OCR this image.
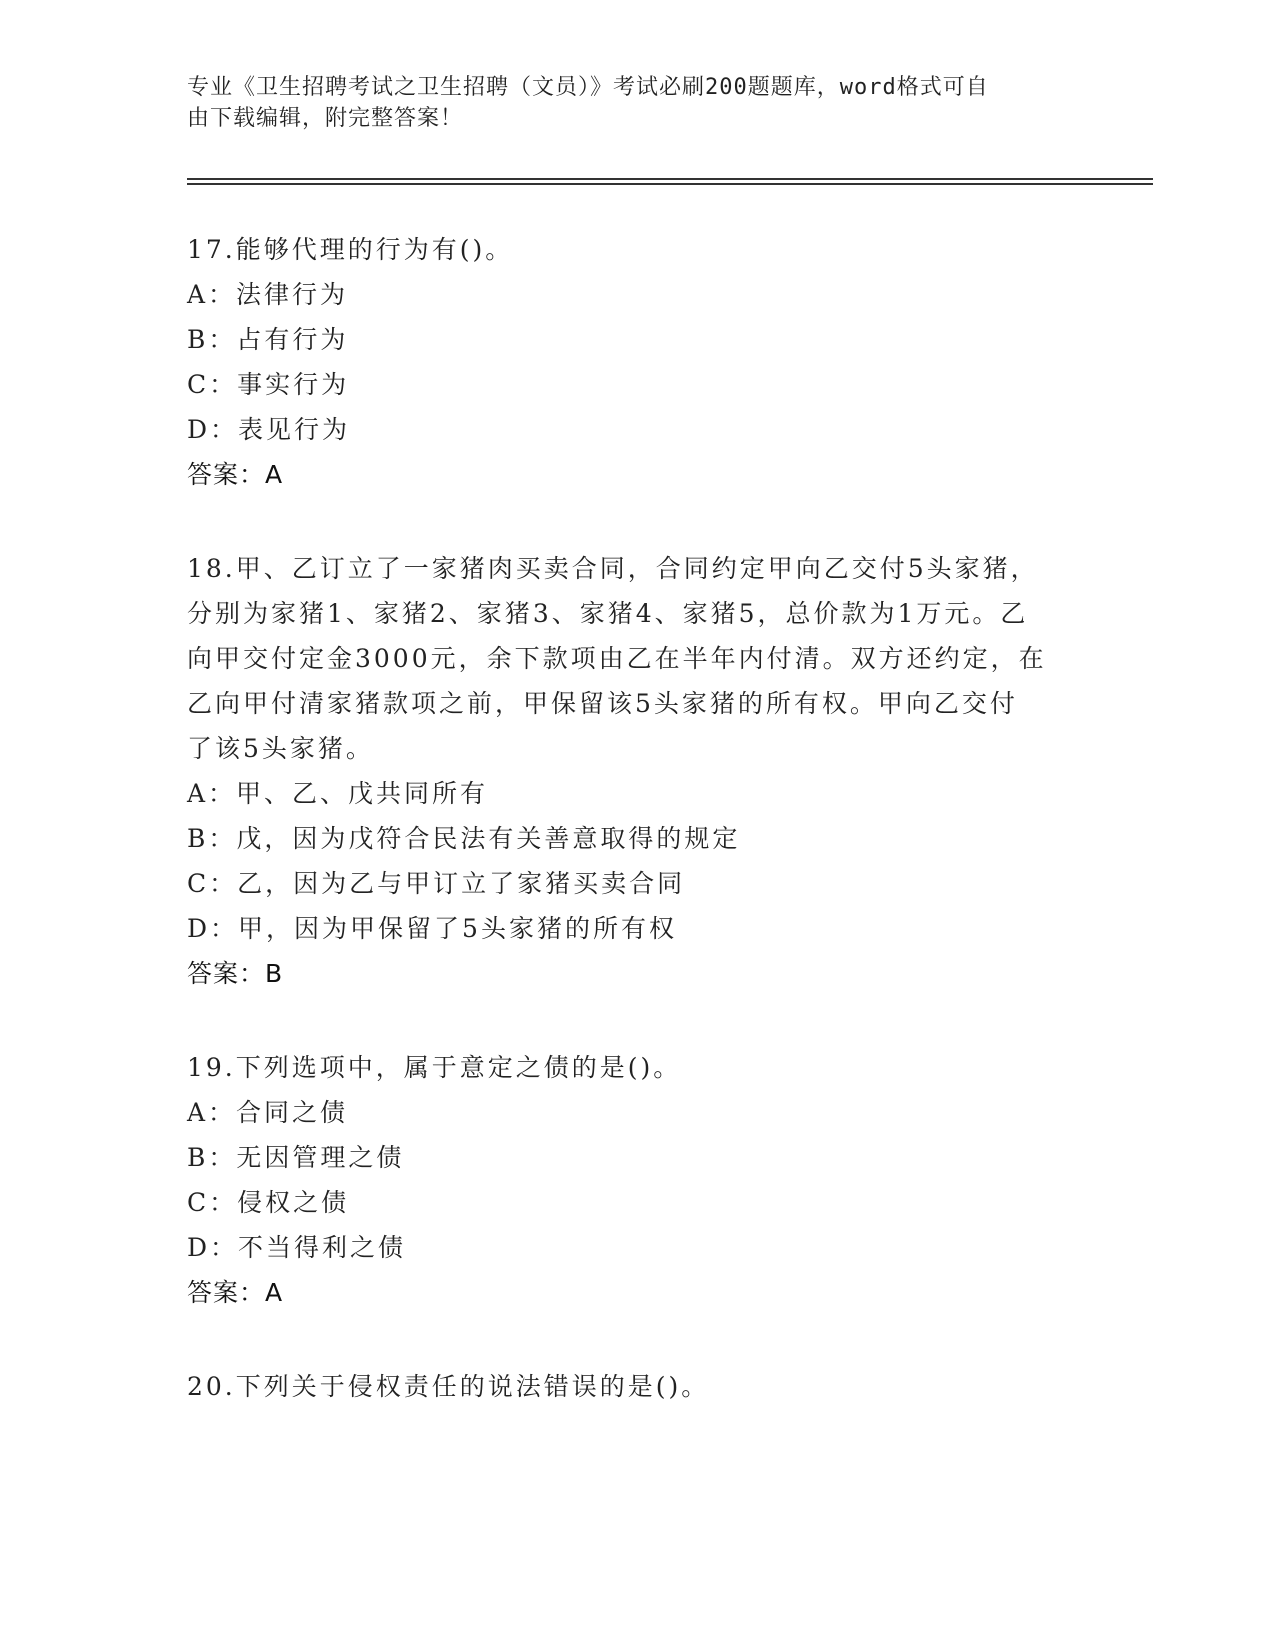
专业《卫生招聘考试之卫生招聘（文员）》考试必刷200题题库，word格式可自
由下载编辑，附完整答案！
17.能够代理的行为有()。
A：法律行为
B：占有行为
C：事实行为
D：表见行为
答案：A
18.甲、乙订立了一家猪肉买卖合同，合同约定甲向乙交付5头家猪，
分别为家猪1、家猪2、家猪3、家猪4、家猪5，总价款为1万元。乙
向甲交付定金3000元，余下款项由乙在半年内付清。双方还约定，在
乙向甲付清家猪款项之前，甲保留该5头家猪的所有权。甲向乙交付
了该5头家猪。
A：甲、乙、戊共同所有
B：戊，因为戊符合民法有关善意取得的规定
C：乙，因为乙与甲订立了家猪买卖合同
D：甲，因为甲保留了5头家猪的所有权
答案：B
19.下列选项中，属于意定之债的是()。
A：合同之债
B：无因管理之债
C：侵权之债
D：不当得利之债
答案：A
20.下列关于侵权责任的说法错误的是()。
